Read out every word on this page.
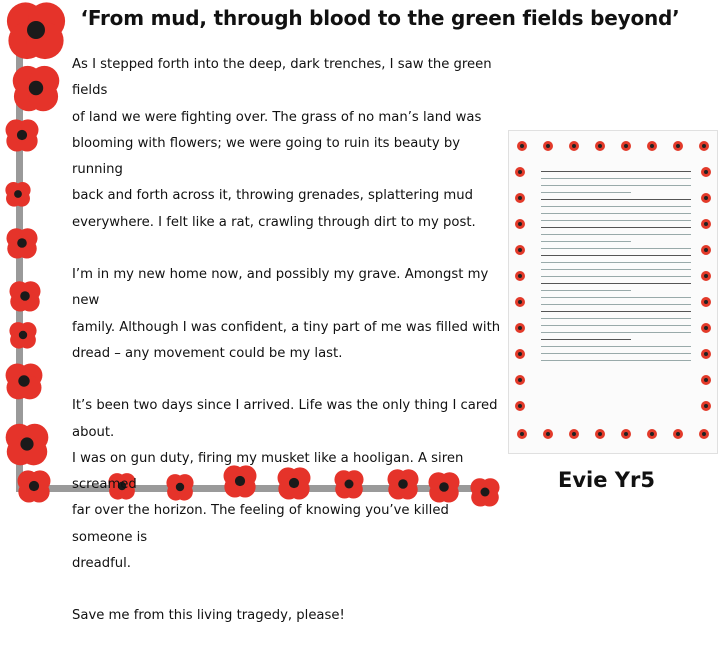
‘From mud, through blood to the green fields beyond’

As I stepped forth into the deep, dark trenches, I saw the green fields
of land we were fighting over. The grass of no man’s land was
blooming with flowers; we were going to ruin its beauty by running
back and forth across it, throwing grenades, splattering mud
everywhere. I felt like a rat, crawling through dirt to my post.

I’m in my new home now, and possibly my grave. Amongst my new
family. Although I was confident, a tiny part of me was filled with
dread – any movement could be my last.

It’s been two days since I arrived. Life was the only thing I cared about.
I was on gun duty, firing my musket like a hooligan. A siren screamed
far over the horizon. The feeling of knowing you’ve killed someone is
dreadful.

Save me from this living tragedy, please!

Evie Yr5
